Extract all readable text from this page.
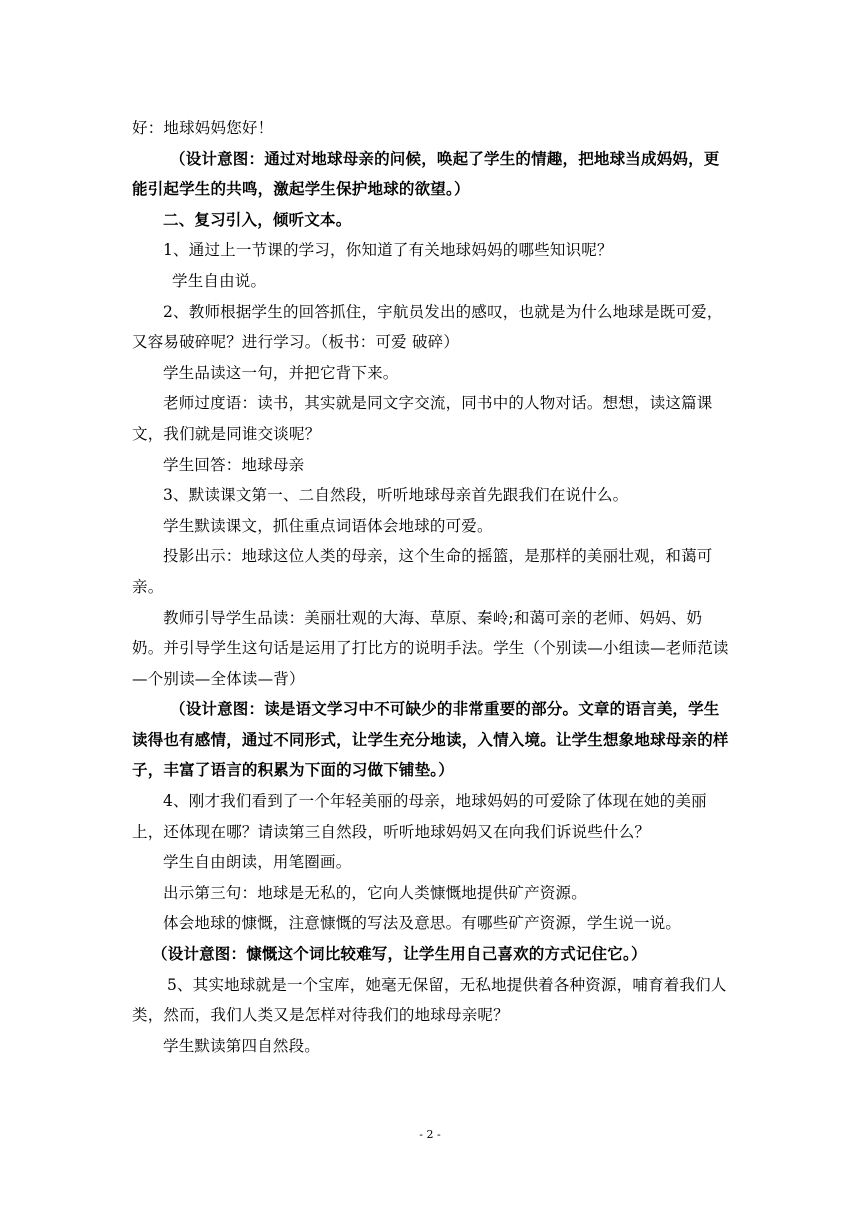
好：地球妈妈您好！

（设计意图：通过对地球母亲的问候，唤起了学生的情趣，把地球当成妈妈，更能引起学生的共鸣，激起学生保护地球的欲望。）

二、复习引入，倾听文本。

1、通过上一节课的学习，你知道了有关地球妈妈的哪些知识呢？

学生自由说。

2、教师根据学生的回答抓住，宇航员发出的感叹，也就是为什么地球是既可爱，又容易破碎呢？进行学习。（板书：可爱 破碎）

学生品读这一句，并把它背下来。

老师过度语：读书，其实就是同文字交流，同书中的人物对话。想想，读这篇课文，我们就是同谁交谈呢？

学生回答：地球母亲

3、默读课文第一、二自然段，听听地球母亲首先跟我们在说什么。

学生默读课文，抓住重点词语体会地球的可爱。

投影出示：地球这位人类的母亲，这个生命的摇篮，是那样的美丽壮观，和蔼可亲。

教师引导学生品读：美丽壮观的大海、草原、秦岭;和蔼可亲的老师、妈妈、奶奶。并引导学生这句话是运用了打比方的说明手法。学生（个别读—小组读—老师范读—个别读—全体读—背）

（设计意图：读是语文学习中不可缺少的非常重要的部分。文章的语言美，学生读得也有感情，通过不同形式，让学生充分地读，入情入境。让学生想象地球母亲的样子，丰富了语言的积累为下面的习做下铺垫。）

4、刚才我们看到了一个年轻美丽的母亲，地球妈妈的可爱除了体现在她的美丽上，还体现在哪？请读第三自然段，听听地球妈妈又在向我们诉说些什么？

学生自由朗读，用笔圈画。

出示第三句：地球是无私的，它向人类慷慨地提供矿产资源。

体会地球的慷慨，注意慷慨的写法及意思。有哪些矿产资源，学生说一说。

（设计意图：慷慨这个词比较难写，让学生用自己喜欢的方式记住它。）

5、其实地球就是一个宝库，她毫无保留，无私地提供着各种资源，哺育着我们人类，然而，我们人类又是怎样对待我们的地球母亲呢？

学生默读第四自然段。

- 2 -
